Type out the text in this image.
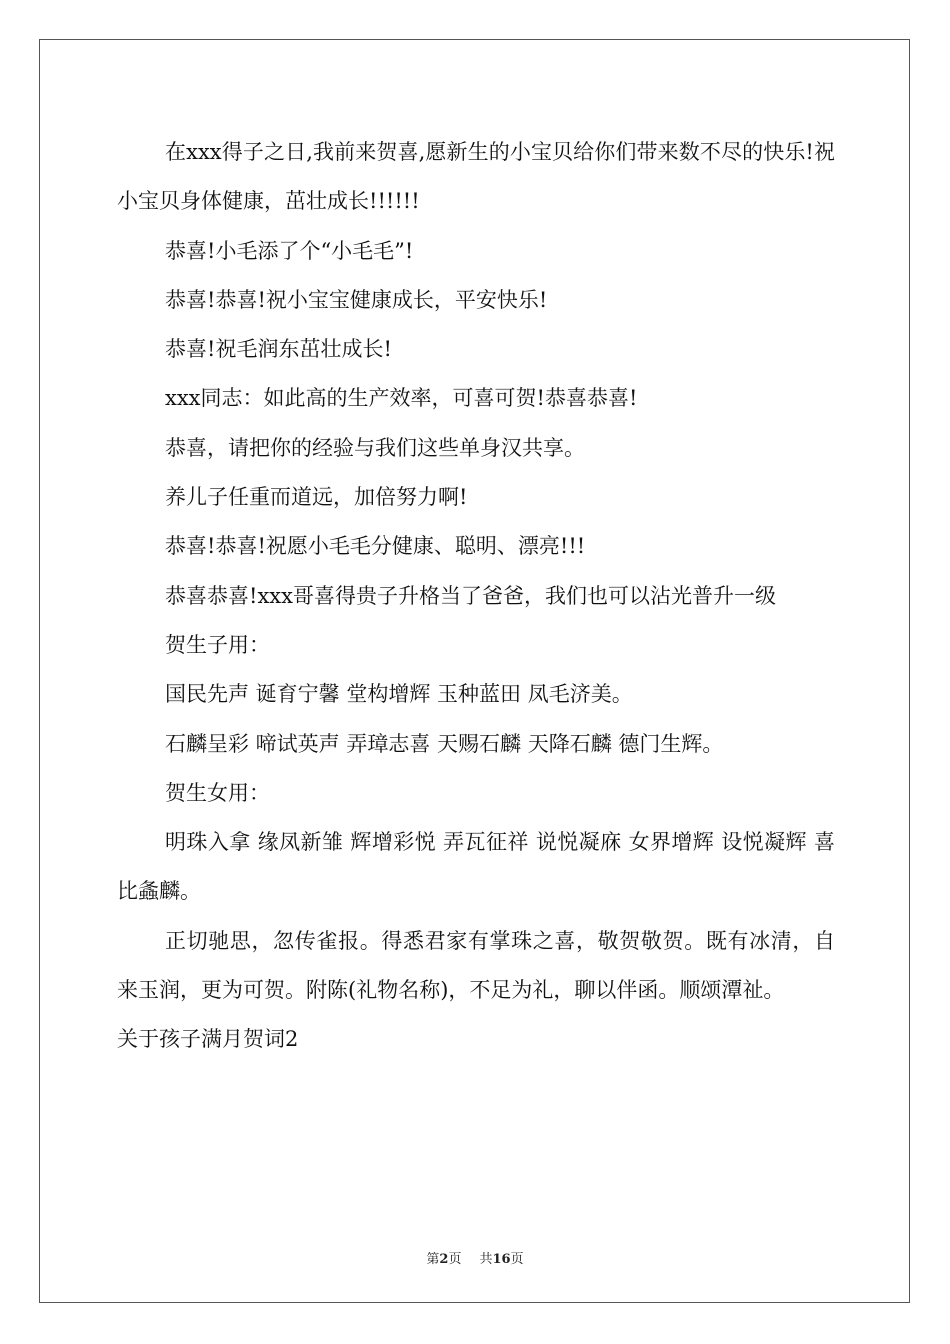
在xxx得子之日,我前来贺喜,愿新生的小宝贝给你们带来数不尽的快乐!祝小宝贝身体健康，茁壮成长!!!!!!

恭喜!小毛添了个“小毛毛”!

恭喜!恭喜!祝小宝宝健康成长，平安快乐!

恭喜!祝毛润东茁壮成长!

xxx同志：如此高的生产效率，可喜可贺!恭喜恭喜!

恭喜，请把你的经验与我们这些单身汉共享。

养儿子任重而道远，加倍努力啊!

恭喜!恭喜!祝愿小毛毛分健康、聪明、漂亮!!!

恭喜恭喜!xxx哥喜得贵子升格当了爸爸，我们也可以沾光普升一级

贺生子用：

国民先声 诞育宁馨 堂构增辉 玉种蓝田 凤毛济美。

石麟呈彩 啼试英声 弄璋志喜 天赐石麟 天降石麟 德门生辉。

贺生女用：

明珠入拿 缘凤新雏 辉增彩悦 弄瓦征祥 说悦凝庥 女界增辉 设悦凝辉 喜比螽麟。

正切驰思，忽传雀报。得悉君家有掌珠之喜，敬贺敬贺。既有冰清，自来玉润，更为可贺。附陈(礼物名称)，不足为礼，聊以伴函。顺颂潭祉。

关于孩子满月贺词2

第2页 共16页
